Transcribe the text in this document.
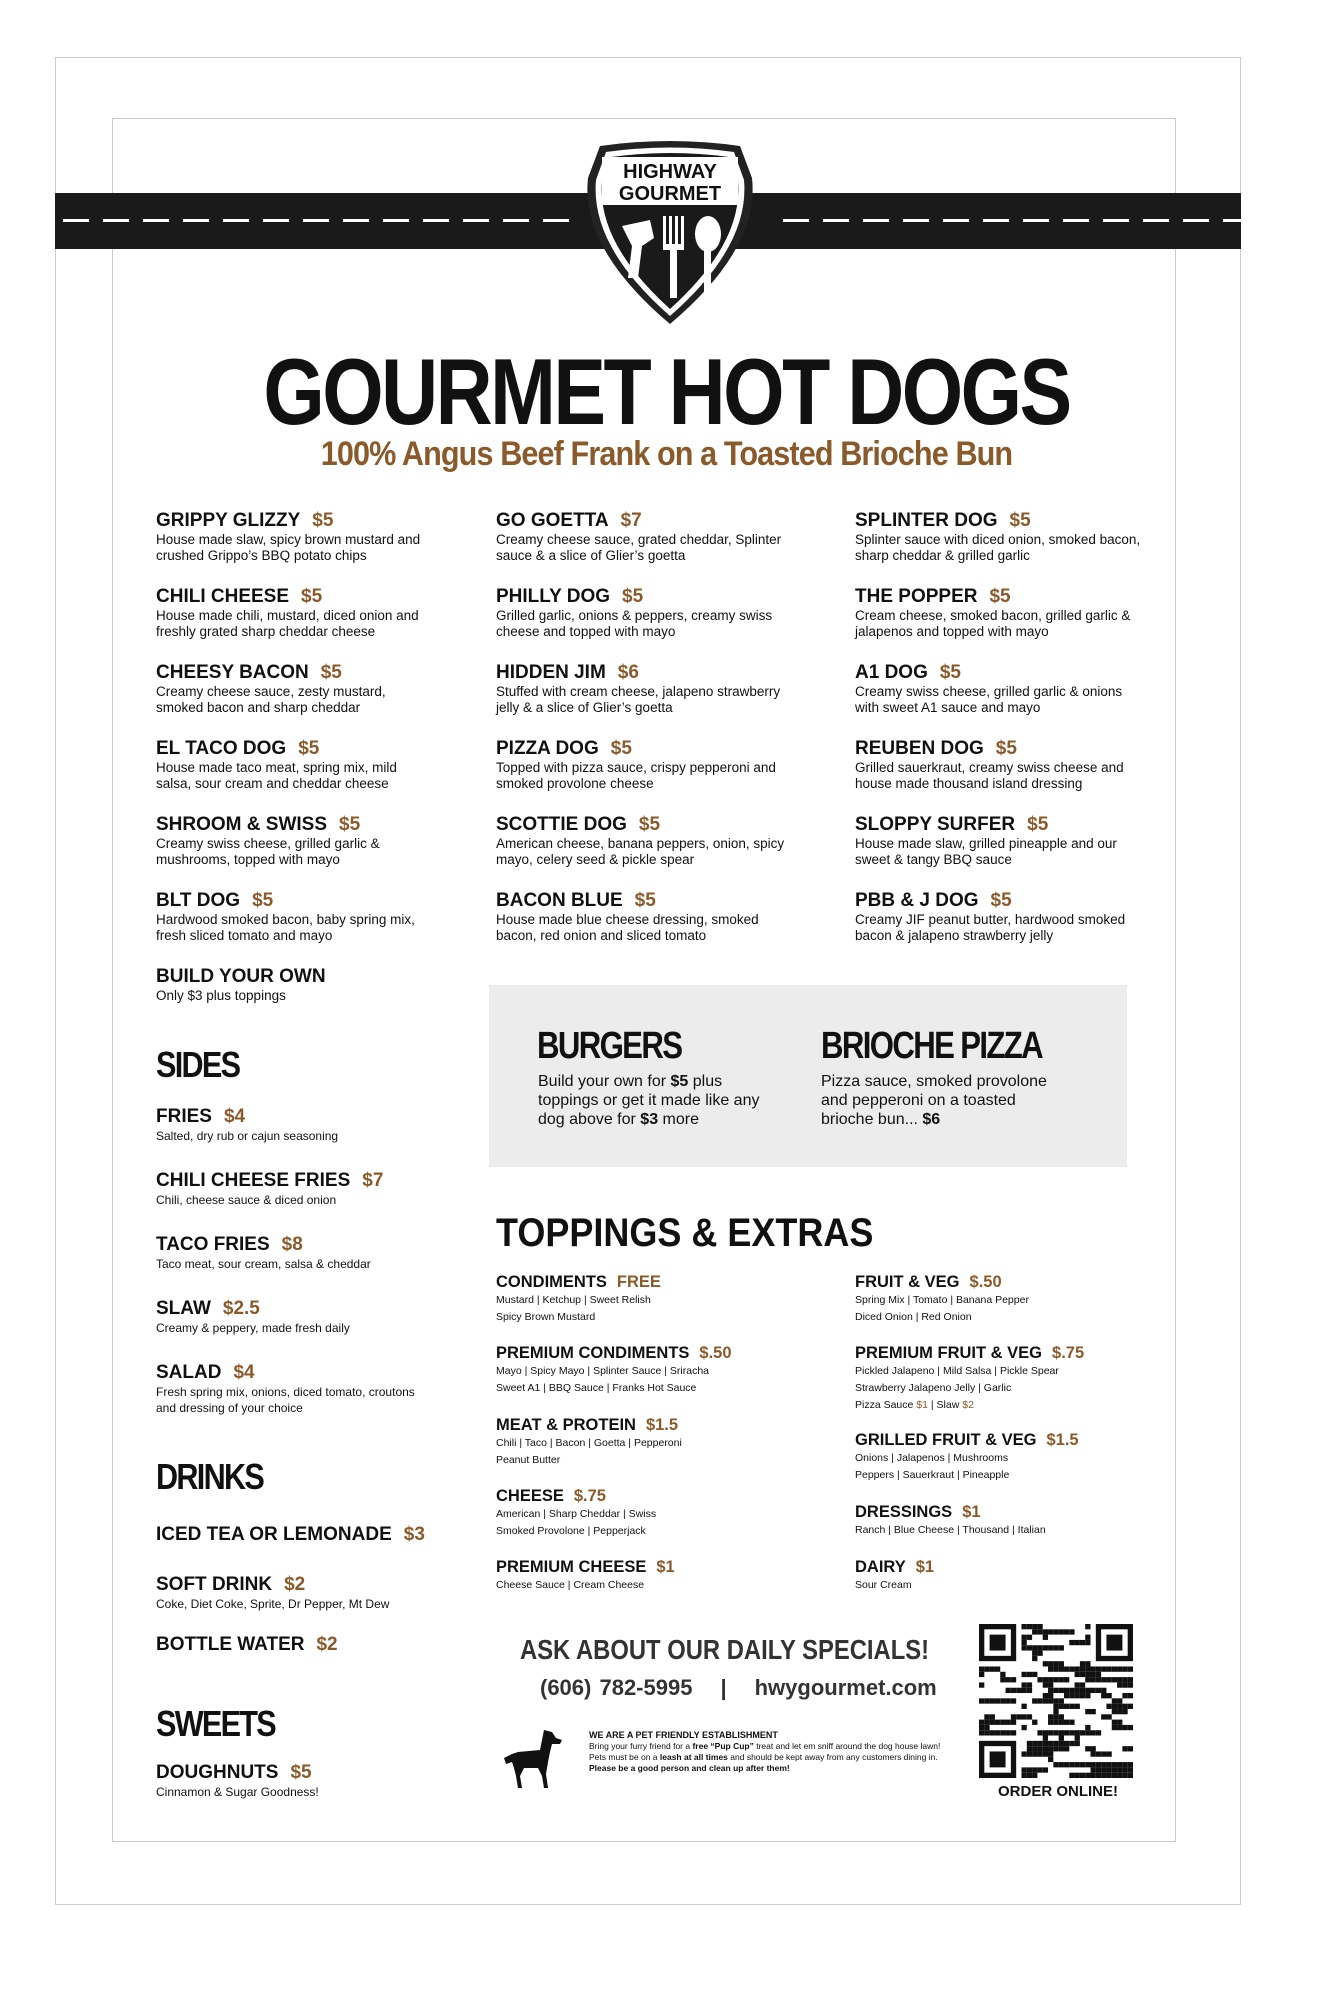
HIGHWAY
GOURMET
GOURMET HOT DOGS
100% Angus Beef Frank on a Toasted Brioche Bun
GRIPPY GLIZZY $5
House made slaw, spicy brown mustard and crushed Grippo’s BBQ potato chips
CHILI CHEESE $5
House made chili, mustard, diced onion and freshly grated sharp cheddar cheese
CHEESY BACON $5
Creamy cheese sauce, zesty mustard, smoked bacon and sharp cheddar
EL TACO DOG $5
House made taco meat, spring mix, mild salsa, sour cream and cheddar cheese
SHROOM & SWISS $5
Creamy swiss cheese, grilled garlic & mushrooms, topped with mayo
BLT DOG $5
Hardwood smoked bacon, baby spring mix, fresh sliced tomato and mayo
BUILD YOUR OWN
Only $3 plus toppings
GO GOETTA $7
Creamy cheese sauce, grated cheddar, Splinter sauce & a slice of Glier’s goetta
PHILLY DOG $5
Grilled garlic, onions & peppers, creamy swiss cheese and topped with mayo
HIDDEN JIM $6
Stuffed with cream cheese, jalapeno strawberry jelly & a slice of Glier’s goetta
PIZZA DOG $5
Topped with pizza sauce, crispy pepperoni and smoked provolone cheese
SCOTTIE DOG $5
American cheese, banana peppers, onion, spicy mayo, celery seed & pickle spear
BACON BLUE $5
House made blue cheese dressing, smoked bacon, red onion and sliced tomato
SPLINTER DOG $5
Splinter sauce with diced onion, smoked bacon, sharp cheddar & grilled garlic
THE POPPER $5
Cream cheese, smoked bacon, grilled garlic & jalapenos and topped with mayo
A1 DOG $5
Creamy swiss cheese, grilled garlic & onions with sweet A1 sauce and mayo
REUBEN DOG $5
Grilled sauerkraut, creamy swiss cheese and house made thousand island dressing
SLOPPY SURFER $5
House made slaw, grilled pineapple and our sweet & tangy BBQ sauce
PBB & J DOG $5
Creamy JIF peanut butter, hardwood smoked bacon & jalapeno strawberry jelly
FRIES $4
Salted, dry rub or cajun seasoning
CHILI CHEESE FRIES $7
Chili, cheese sauce & diced onion
TACO FRIES $8
Taco meat, sour cream, salsa & cheddar
SLAW $2.5
Creamy & peppery, made fresh daily
SALAD $4
Fresh spring mix, onions, diced tomato, croutons and dressing of your choice
ICED TEA OR LEMONADE $3
SOFT DRINK $2
Coke, Diet Coke, Sprite, Dr Pepper, Mt Dew
BOTTLE WATER $2
DOUGHNUTS $5
Cinnamon & Sugar Goodness!
SIDES
DRINKS
SWEETS
BURGERS

Build your own for $5 plus toppings or get it made like any dog above for $3 more

BRIOCHE PIZZA

Pizza sauce, smoked provolone and pepperoni on a toasted brioche bun... $6

TOPPINGS & EXTRAS
CONDIMENTS FREE
Mustard | Ketchup | Sweet Relish
Spicy Brown Mustard
PREMIUM CONDIMENTS $.50
Mayo | Spicy Mayo | Splinter Sauce | Sriracha
Sweet A1 | BBQ Sauce | Franks Hot Sauce
MEAT & PROTEIN $1.5
Chili | Taco | Bacon | Goetta | Pepperoni
Peanut Butter
CHEESE $.75
American | Sharp Cheddar | Swiss
Smoked Provolone | Pepperjack
PREMIUM CHEESE $1
Cheese Sauce | Cream Cheese
FRUIT & VEG $.50
Spring Mix | Tomato | Banana Pepper
Diced Onion | Red Onion
PREMIUM FRUIT & VEG $.75
Pickled Jalapeno | Mild Salsa | Pickle Spear
Strawberry Jalapeno Jelly | Garlic
Pizza Sauce $1 | Slaw $2
GRILLED FRUIT & VEG $1.5
Onions | Jalapenos | Mushrooms
Peppers | Sauerkraut | Pineapple
DRESSINGS $1
Ranch | Blue Cheese | Thousand | Italian
DAIRY $1
Sour Cream
ASK ABOUT OUR DAILY SPECIALS!
(606) 782-5995 | hwygourmet.com
WE ARE A PET FRIENDLY ESTABLISHMENT
Bring your furry friend for a free “Pup Cup” treat and let em sniff around the dog house lawn! Pets must be on a leash at all times and should be kept away from any customers dining in. Please be a good person and clean up after them!
ORDER ONLINE!
